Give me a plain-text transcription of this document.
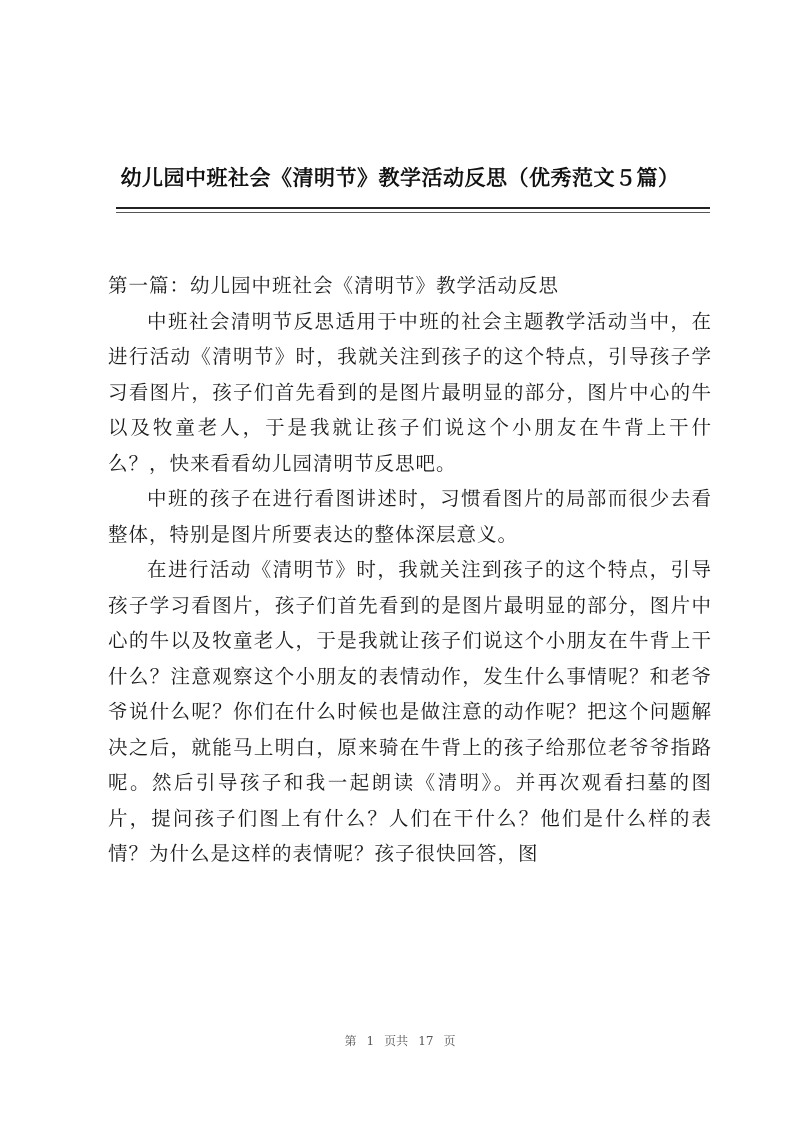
幼儿园中班社会《清明节》教学活动反思（优秀范文５篇）

第一篇：幼儿园中班社会《清明节》教学活动反思

中班社会清明节反思适用于中班的社会主题教学活动当中，在进行活动《清明节》时，我就关注到孩子的这个特点，引导孩子学习看图片，孩子们首先看到的是图片最明显的部分，图片中心的牛以及牧童老人，于是我就让孩子们说这个小朋友在牛背上干什么？，快来看看幼儿园清明节反思吧。

中班的孩子在进行看图讲述时，习惯看图片的局部而很少去看整体，特别是图片所要表达的整体深层意义。

在进行活动《清明节》时，我就关注到孩子的这个特点，引导孩子学习看图片，孩子们首先看到的是图片最明显的部分，图片中心的牛以及牧童老人，于是我就让孩子们说这个小朋友在牛背上干什么？注意观察这个小朋友的表情动作，发生什么事情呢？和老爷爷说什么呢？你们在什么时候也是做注意的动作呢？把这个问题解决之后，就能马上明白，原来骑在牛背上的孩子给那位老爷爷指路呢。然后引导孩子和我一起朗读《清明》。并再次观看扫墓的图片，提问孩子们图上有什么？人们在干什么？他们是什么样的表情？为什么是这样的表情呢？孩子很快回答，图

第 1 页共 17 页
